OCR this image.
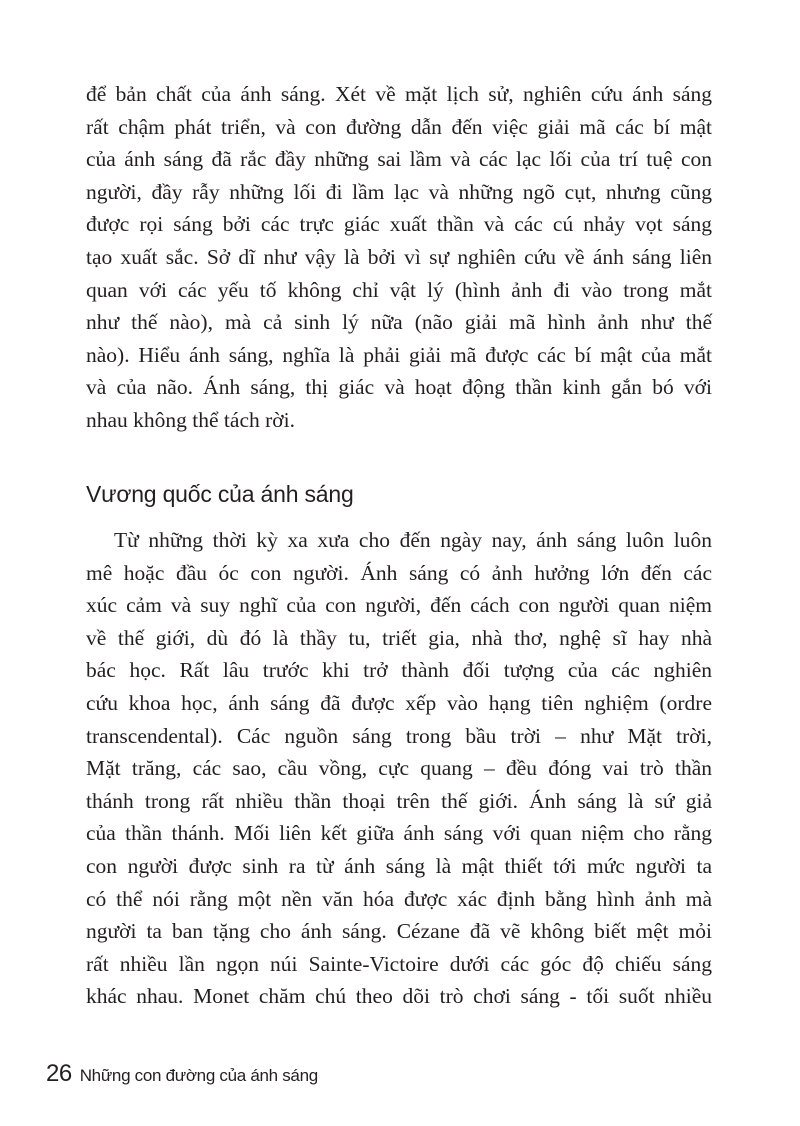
để bản chất của ánh sáng. Xét về mặt lịch sử, nghiên cứu ánh sáng
rất chậm phát triển, và con đường dẫn đến việc giải mã các bí mật
của ánh sáng đã rắc đầy những sai lầm và các lạc lối của trí tuệ con
người, đầy rẫy những lối đi lầm lạc và những ngõ cụt, nhưng cũng
được rọi sáng bởi các trực giác xuất thần và các cú nhảy vọt sáng
tạo xuất sắc. Sở dĩ như vậy là bởi vì sự nghiên cứu về ánh sáng liên
quan với các yếu tố không chỉ vật lý (hình ảnh đi vào trong mắt
như thế nào), mà cả sinh lý nữa (não giải mã hình ảnh như thế
nào). Hiểu ánh sáng, nghĩa là phải giải mã được các bí mật của mắt
và của não. Ánh sáng, thị giác và hoạt động thần kinh gắn bó với
nhau không thể tách rời.
Từ những thời kỳ xa xưa cho đến ngày nay, ánh sáng luôn luôn
mê hoặc đầu óc con người. Ánh sáng có ảnh hưởng lớn đến các
xúc cảm và suy nghĩ của con người, đến cách con người quan niệm
về thế giới, dù đó là thầy tu, triết gia, nhà thơ, nghệ sĩ hay nhà
bác học. Rất lâu trước khi trở thành đối tượng của các nghiên
cứu khoa học, ánh sáng đã được xếp vào hạng tiên nghiệm (ordre
transcendental). Các nguồn sáng trong bầu trời – như Mặt trời,
Mặt trăng, các sao, cầu vồng, cực quang – đều đóng vai trò thần
thánh trong rất nhiều thần thoại trên thế giới. Ánh sáng là sứ giả
của thần thánh. Mối liên kết giữa ánh sáng với quan niệm cho rằng
con người được sinh ra từ ánh sáng là mật thiết tới mức người ta
có thể nói rằng một nền văn hóa được xác định bằng hình ảnh mà
người ta ban tặng cho ánh sáng. Cézane đã vẽ không biết mệt mỏi
rất nhiều lần ngọn núi Sainte-Victoire dưới các góc độ chiếu sáng
khác nhau. Monet chăm chú theo dõi trò chơi sáng - tối suốt nhiều
Vương quốc của ánh sáng
26 Những con đường của ánh sáng
